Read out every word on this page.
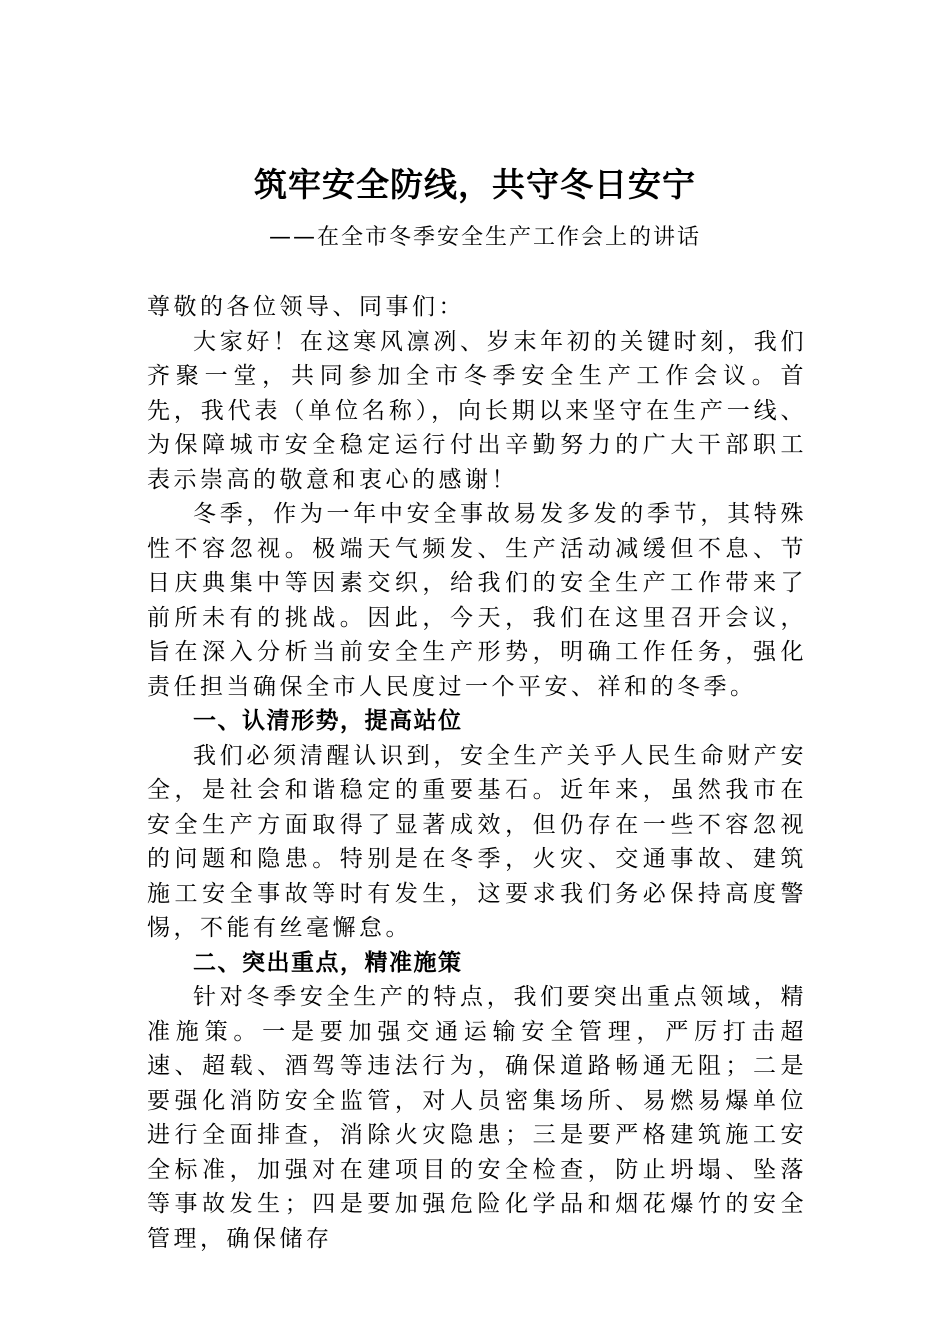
筑牢安全防线，共守冬日安宁
——在全市冬季安全生产工作会上的讲话

尊敬的各位领导、同事们：

大家好！在这寒风凛冽、岁末年初的关键时刻，我们齐聚一堂，共同参加全市冬季安全生产工作会议。首先，我代表（单位名称），向长期以来坚守在生产一线、为保障城市安全稳定运行付出辛勤努力的广大干部职工表示崇高的敬意和衷心的感谢！

冬季，作为一年中安全事故易发多发的季节，其特殊性不容忽视。极端天气频发、生产活动减缓但不息、节日庆典集中等因素交织，给我们的安全生产工作带来了前所未有的挑战。因此，今天，我们在这里召开会议，旨在深入分析当前安全生产形势，明确工作任务，强化责任担当确保全市人民度过一个平安、祥和的冬季。

一、认清形势，提高站位

我们必须清醒认识到，安全生产关乎人民生命财产安全，是社会和谐稳定的重要基石。近年来，虽然我市在安全生产方面取得了显著成效，但仍存在一些不容忽视的问题和隐患。特别是在冬季，火灾、交通事故、建筑施工安全事故等时有发生，这要求我们务必保持高度警惕，不能有丝毫懈怠。

二、突出重点，精准施策

针对冬季安全生产的特点，我们要突出重点领域，精准施策。一是要加强交通运输安全管理，严厉打击超速、超载、酒驾等违法行为，确保道路畅通无阻；二是要强化消防安全监管，对人员密集场所、易燃易爆单位进行全面排查，消除火灾隐患；三是要严格建筑施工安全标准，加强对在建项目的安全检查，防止坍塌、坠落等事故发生；四是要加强危险化学品和烟花爆竹的安全管理，确保储存
